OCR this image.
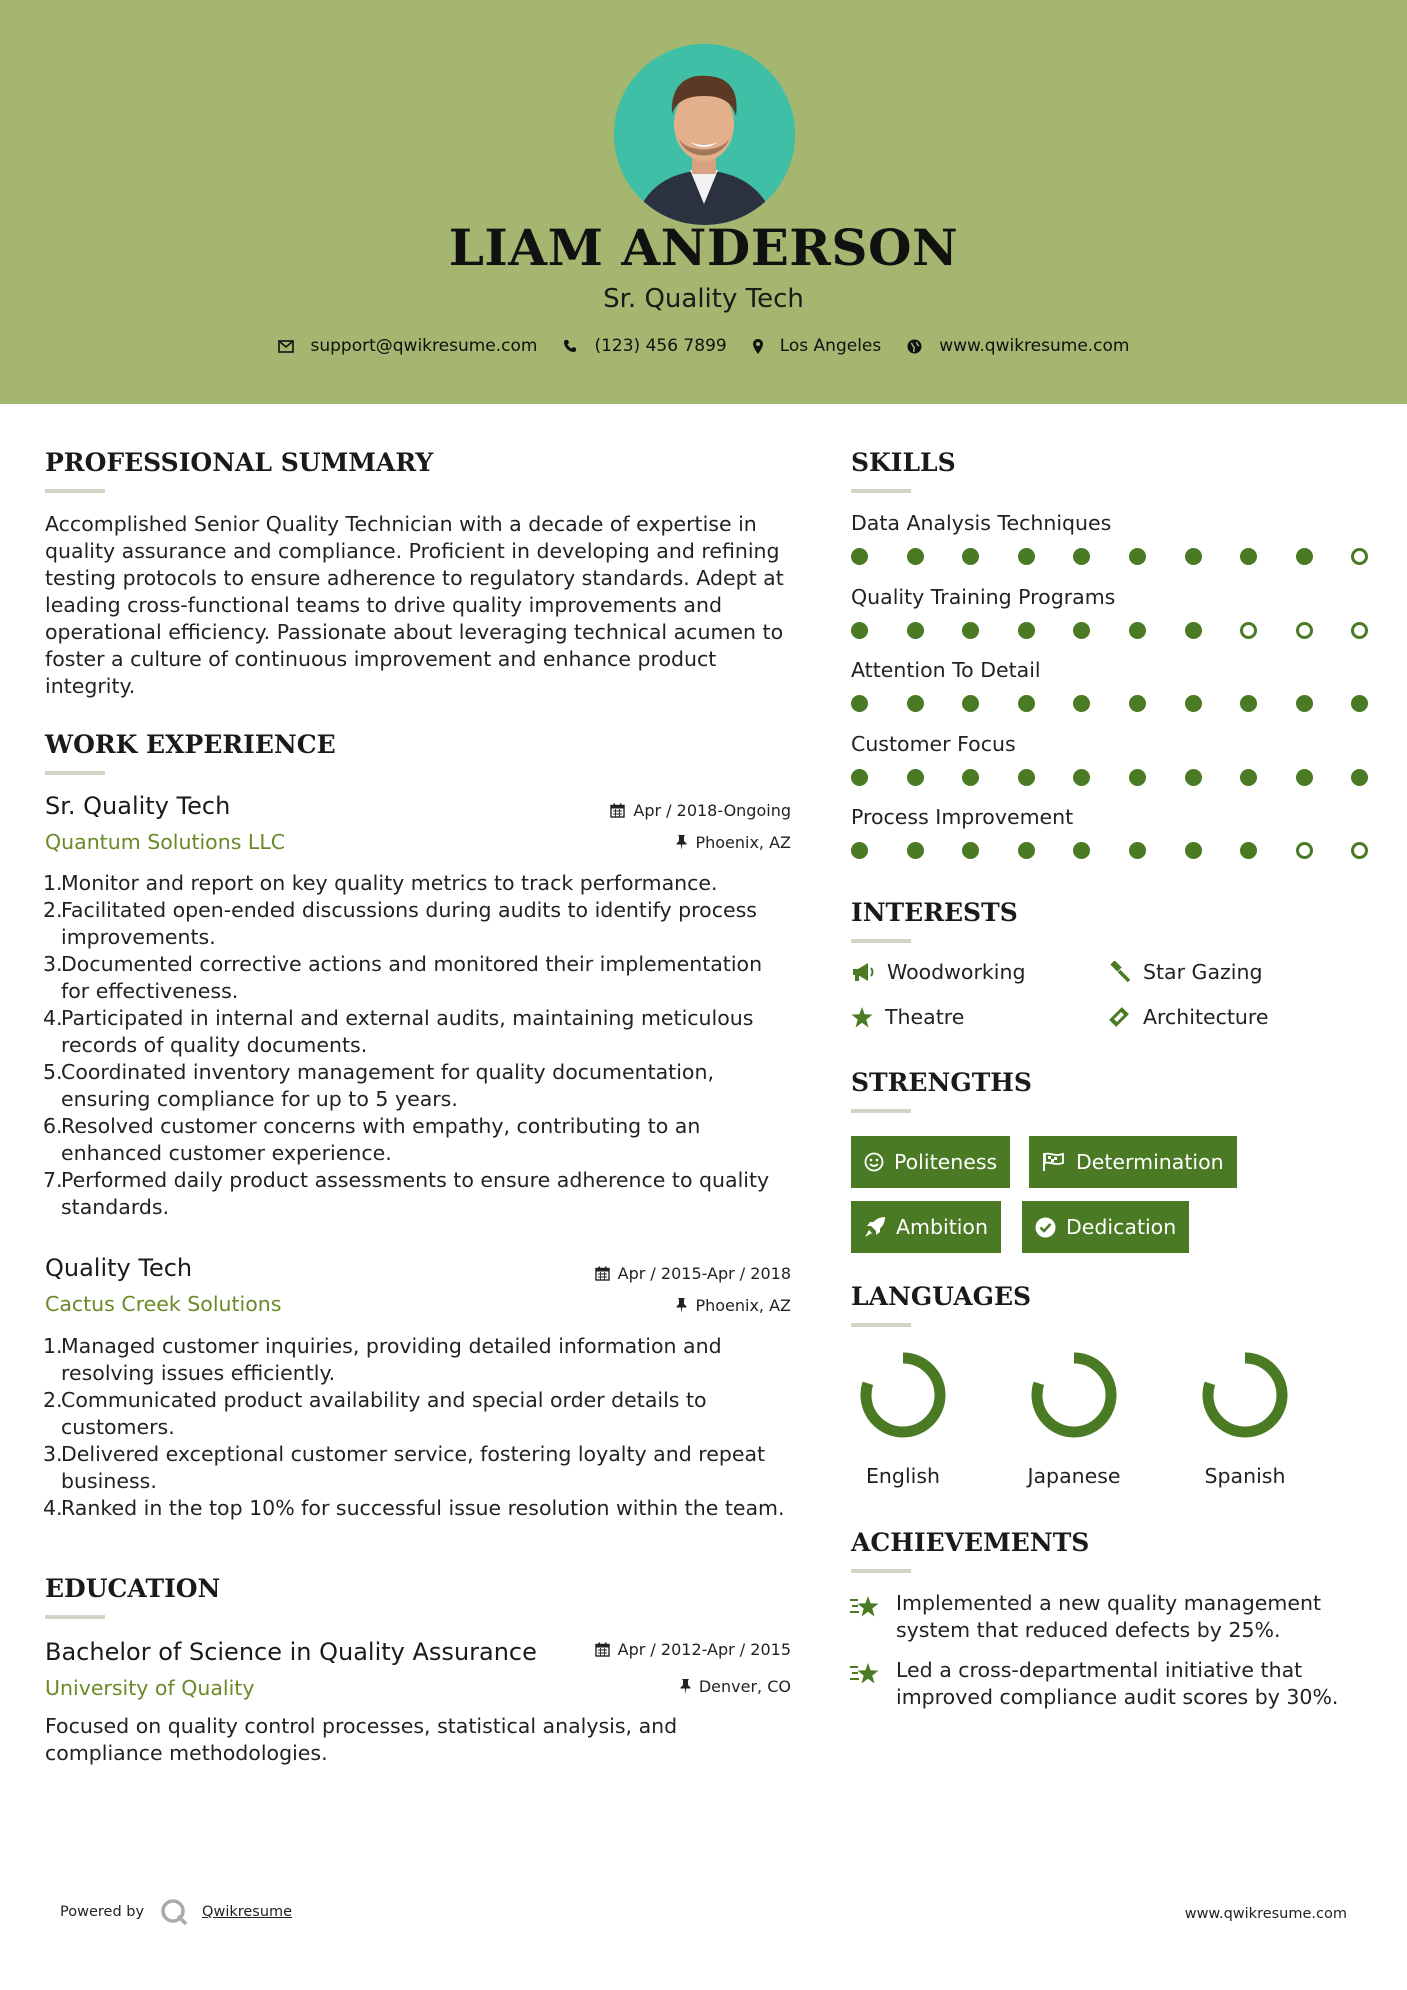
LIAM ANDERSON
Sr. Quality Tech
support@qwikresume.com	(123) 456 7899	Los Angeles	www.qwikresume.com
PROFESSIONAL SUMMARY
Accomplished Senior Quality Technician with a decade of expertise in quality assurance and compliance. Proficient in developing and refining testing protocols to ensure adherence to regulatory standards. Adept at leading cross-functional teams to drive quality improvements and operational efficiency. Passionate about leveraging technical acumen to foster a culture of continuous improvement and enhance product integrity.
WORK EXPERIENCE
Sr. Quality Tech	Apr / 2018-Ongoing
Quantum Solutions LLC	Phoenix, AZ
1.
Monitor and report on key quality metrics to track performance.
2.
Facilitated open-ended discussions during audits to identify process improvements.
3.
Documented corrective actions and monitored their implementation for effectiveness.
4.
Participated in internal and external audits, maintaining meticulous records of quality documents.
5.
Coordinated inventory management for quality documentation, ensuring compliance for up to 5 years.
6.
Resolved customer concerns with empathy, contributing to an enhanced customer experience.
7.
Performed daily product assessments to ensure adherence to quality standards.
Quality Tech	Apr / 2015-Apr / 2018
Cactus Creek Solutions	Phoenix, AZ
1.
Managed customer inquiries, providing detailed information and resolving issues efficiently.
2.
Communicated product availability and special order details to customers.
3.
Delivered exceptional customer service, fostering loyalty and repeat business.
4.
Ranked in the top 10% for successful issue resolution within the team.
EDUCATION
Bachelor of Science in Quality Assurance	Apr / 2012-Apr / 2015
University of Quality	Denver, CO
Focused on quality control processes, statistical analysis, and compliance methodologies.
SKILLS
Data Analysis Techniques
Quality Training Programs
Attention To Detail
Customer Focus
Process Improvement
INTERESTS
Woodworking	Star Gazing
Theatre	Architecture
STRENGTHS
Politeness	Determination
Ambition	Dedication
LANGUAGES
English	Japanese	Spanish
ACHIEVEMENTS
Implemented a new quality management system that reduced defects by 25%.
Led a cross-departmental initiative that improved compliance audit scores by 30%.
Powered by	Qwikresume	www.qwikresume.com
